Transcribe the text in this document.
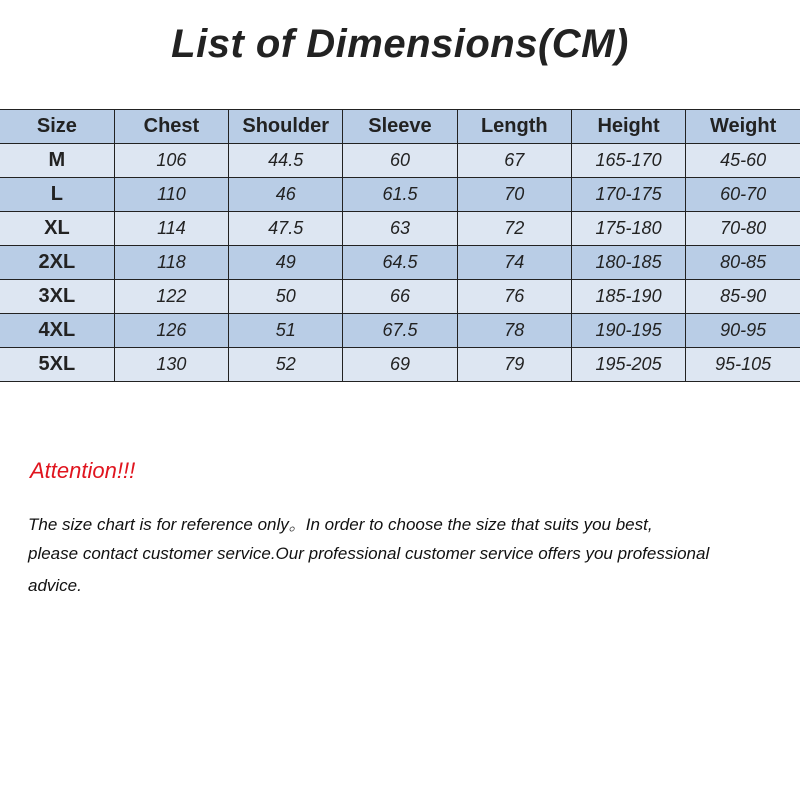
List of Dimensions(CM)
Size	Chest	Shoulder	Sleeve	Length	Height	Weight
M	106	44.5	60	67	165-170	45-60
L	110	46	61.5	70	170-175	60-70
XL	114	47.5	63	72	175-180	70-80
2XL	118	49	64.5	74	180-185	80-85
3XL	122	50	66	76	185-190	85-90
4XL	126	51	67.5	78	190-195	90-95
5XL	130	52	69	79	195-205	95-105
Attention!!!
The size chart is for reference only。In order to choose the size that suits you best,
please contact customer service.Our professional customer service offers you professional
advice.
